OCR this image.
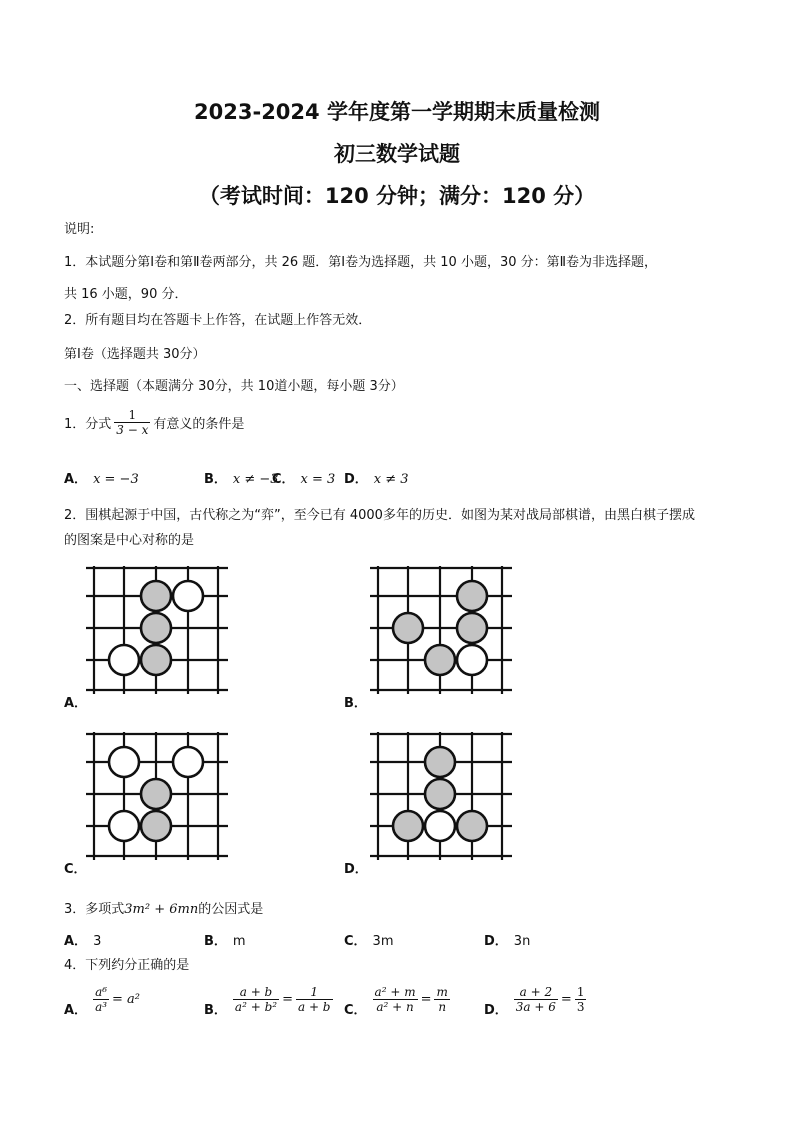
2023-2024 学年度第一学期期末质量检测
初三数学试题
（考试时间：120 分钟；满分：120 分）
说明:
1．本试题分第Ⅰ卷和第Ⅱ卷两部分，共 26 题．第Ⅰ卷为选择题，共 10 小题，30 分：第Ⅱ卷为非选择题，
共 16 小题，90 分．
2．所有题目均在答题卡上作答，在试题上作答无效．
第Ⅰ卷（选择题共 30分）
一、选择题（本题满分 30分，共 10道小题，每小题 3分）
1．分式 $\frac{1}{3 - x}$ 有意义的条件是
A． x = −3	B． x ≠ −3
C． x = 3 D． x ≠ 3
2．围棋起源于中国，古代称之为“弈”，至今已有 4000多年的历史．如图为某对战局部棋谱，由黑白棋子摆成
的图案是中心对称的是
A．	B．
C．	D．
3．多项式3m² + 6mn的公因式是
A． 3	B． m	C． 3m	D． 3n
4．下列约分正确的是
A． $\frac{\text{a⁶}}{\text{a³}} = a^2$
B． $\frac{a + b}{\text{a² + b²}} = \frac{1}{a + b}$ C． $\frac{\text{a² + m}}{\text{a² + n}} = \frac{m}{n}$	D． $\frac{a + 2}{3a + 6} = \frac{1}{3}$
